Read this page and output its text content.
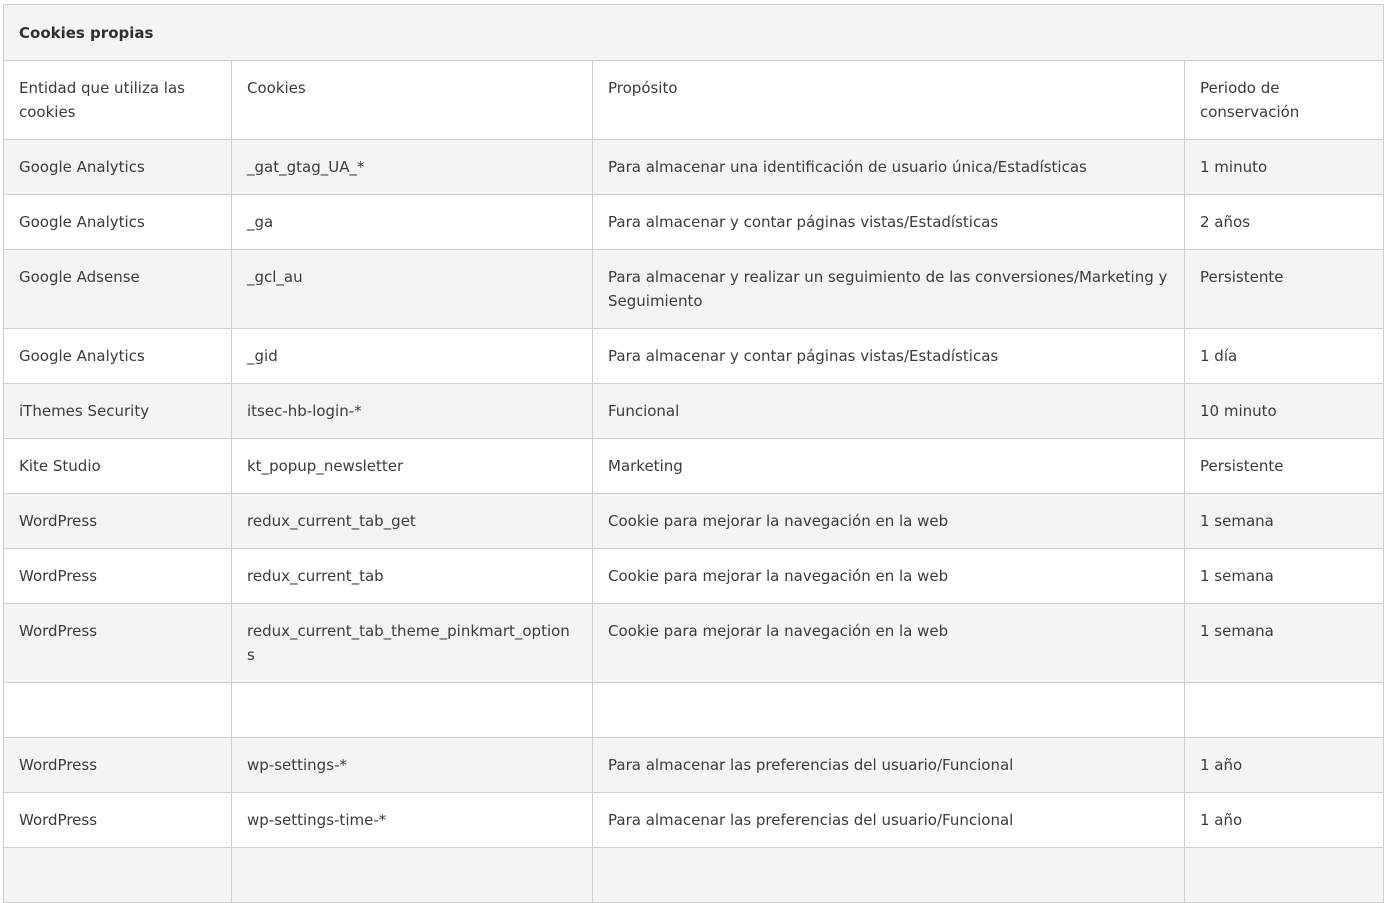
Cookies propias			
Entidad que utiliza las cookies	Cookies	Propósito	Periodo de conservación
Google Analytics	_gat_gtag_UA_*	Para almacenar una identificación de usuario única/Estadísticas	1 minuto
Google Analytics	_ga	Para almacenar y contar páginas vistas/Estadísticas	2 años
Google Adsense	_gcl_au	Para almacenar y realizar un seguimiento de las conversiones/Marketing y Seguimiento	Persistente
Google Analytics	_gid	Para almacenar y contar páginas vistas/Estadísticas	1 día
iThemes Security	itsec-hb-login-*	Funcional	10 minuto
Kite Studio	kt_popup_newsletter	Marketing	Persistente
WordPress	redux_current_tab_get	Cookie para mejorar la navegación en la web	1 semana
WordPress	redux_current_tab	Cookie para mejorar la navegación en la web	1 semana
WordPress	redux_current_tab_theme_pinkmart_options	Cookie para mejorar la navegación en la web	1 semana

WordPress	wp-settings-*	Para almacenar las preferencias del usuario/Funcional	1 año
WordPress	wp-settings-time-*	Para almacenar las preferencias del usuario/Funcional	1 año
